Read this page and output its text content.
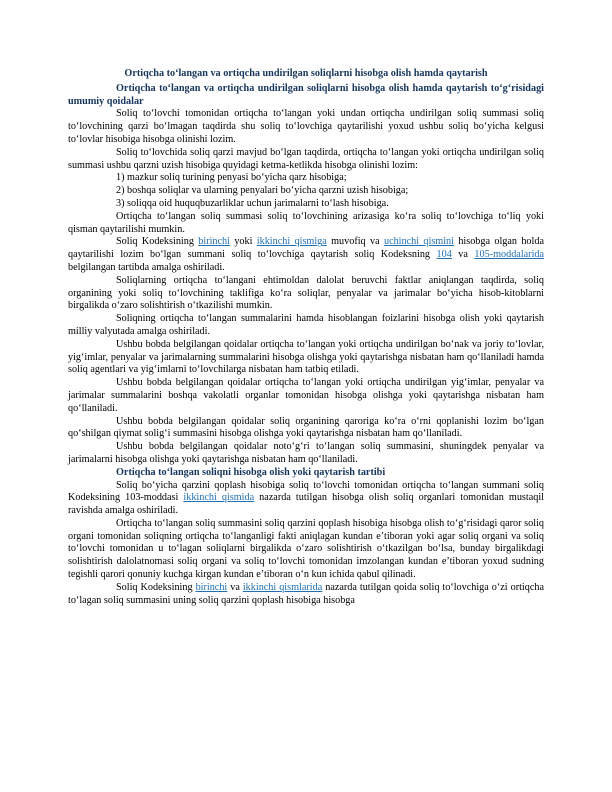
Ortiqcha to‘langan va ortiqcha undirilgan soliqlarni hisobga olish hamda qaytarish
Ortiqcha to‘langan va ortiqcha undirilgan soliqlarni hisobga olish hamda qaytarish to‘g‘risidagi umumiy qoidalar

Soliq to‘lovchi tomonidan ortiqcha to‘langan yoki undan ortiqcha undirilgan soliq summasi soliq to‘lovchining qarzi bo‘lmagan taqdirda shu soliq to‘lovchiga qaytarilishi yoxud ushbu soliq bo‘yicha kelgusi to‘lovlar hisobiga hisobga olinishi lozim.

Soliq to‘lovchida soliq qarzi mavjud bo‘lgan taqdirda, ortiqcha to‘langan yoki ortiqcha undirilgan soliq summasi ushbu qarzni uzish hisobiga quyidagi ketma-ketlikda hisobga olinishi lozim:

1) mazkur soliq turining penyasi bo‘yicha qarz hisobiga;
2) boshqa soliqlar va ularning penyalari bo‘yicha qarzni uzish hisobiga;
3) soliqqa oid huquqbuzarliklar uchun jarimalarni to‘lash hisobiga.

Ortiqcha to‘langan soliq summasi soliq to‘lovchining arizasiga ko‘ra soliq to‘lovchiga to‘liq yoki qisman qaytarilishi mumkin.

Soliq Kodeksining birinchi yoki ikkinchi qismiga muvofiq va uchinchi qismini hisobga olgan holda qaytarilishi lozim bo‘lgan summani soliq to‘lovchiga qaytarish soliq Kodeksning 104 va 105-moddalarida belgilangan tartibda amalga oshiriladi.

Soliqlarning ortiqcha to‘langani ehtimoldan dalolat beruvchi faktlar aniqlangan taqdirda, soliq organining yoki soliq to‘lovchining taklifiga ko‘ra soliqlar, penyalar va jarimalar bo‘yicha hisob-kitoblarni birgalikda o‘zaro solishtirish o‘tkazilishi mumkin.

Soliqning ortiqcha to‘langan summalarini hamda hisoblangan foizlarini hisobga olish yoki qaytarish milliy valyutada amalga oshiriladi.

Ushbu bobda belgilangan qoidalar ortiqcha to‘langan yoki ortiqcha undirilgan bo‘nak va joriy to‘lovlar, yig‘imlar, penyalar va jarimalarning summalarini hisobga olishga yoki qaytarishga nisbatan ham qo‘llaniladi hamda soliq agentlari va yig‘imlarni to‘lovchilarga nisbatan ham tatbiq etiladi.

Ushbu bobda belgilangan qoidalar ortiqcha to‘langan yoki ortiqcha undirilgan yig‘imlar, penyalar va jarimalar summalarini boshqa vakolatli organlar tomonidan hisobga olishga yoki qaytarishga nisbatan ham qo‘llaniladi.

Ushbu bobda belgilangan qoidalar soliq organining qaroriga ko‘ra o‘rni qoplanishi lozim bo‘lgan qo‘shilgan qiymat solig‘i summasini hisobga olishga yoki qaytarishga nisbatan ham qo‘llaniladi.

Ushbu bobda belgilangan qoidalar noto‘g‘ri to‘langan soliq summasini, shuningdek penyalar va jarimalarni hisobga olishga yoki qaytarishga nisbatan ham qo‘llaniladi.

Ortiqcha to‘langan soliqni hisobga olish yoki qaytarish tartibi

Soliq bo‘yicha qarzini qoplash hisobiga soliq to‘lovchi tomonidan ortiqcha to‘langan summani soliq Kodeksining 103-moddasi ikkinchi qismida nazarda tutilgan hisobga olish soliq organlari tomonidan mustaqil ravishda amalga oshiriladi.

Ortiqcha to‘langan soliq summasini soliq qarzini qoplash hisobiga hisobga olish to‘g‘risidagi qaror soliq organi tomonidan soliqning ortiqcha to‘langanligi fakti aniqlagan kundan e’tiboran yoki agar soliq organi va soliq to‘lovchi tomonidan u to‘lagan soliqlarni birgalikda o‘zaro solishtirish o‘tkazilgan bo‘lsa, bunday birgalikdagi solishtirish dalolatnomasi soliq organi va soliq to‘lovchi tomonidan imzolangan kundan e’tiboran yoxud sudning tegishli qarori qonuniy kuchga kirgan kundan e’tiboran o‘n kun ichida qabul qilinadi.

Soliq Kodeksining birinchi va ikkinchi qismlarida nazarda tutilgan qoida soliq to‘lovchiga o‘zi ortiqcha to‘lagan soliq summasini uning soliq qarzini qoplash hisobiga hisobga
